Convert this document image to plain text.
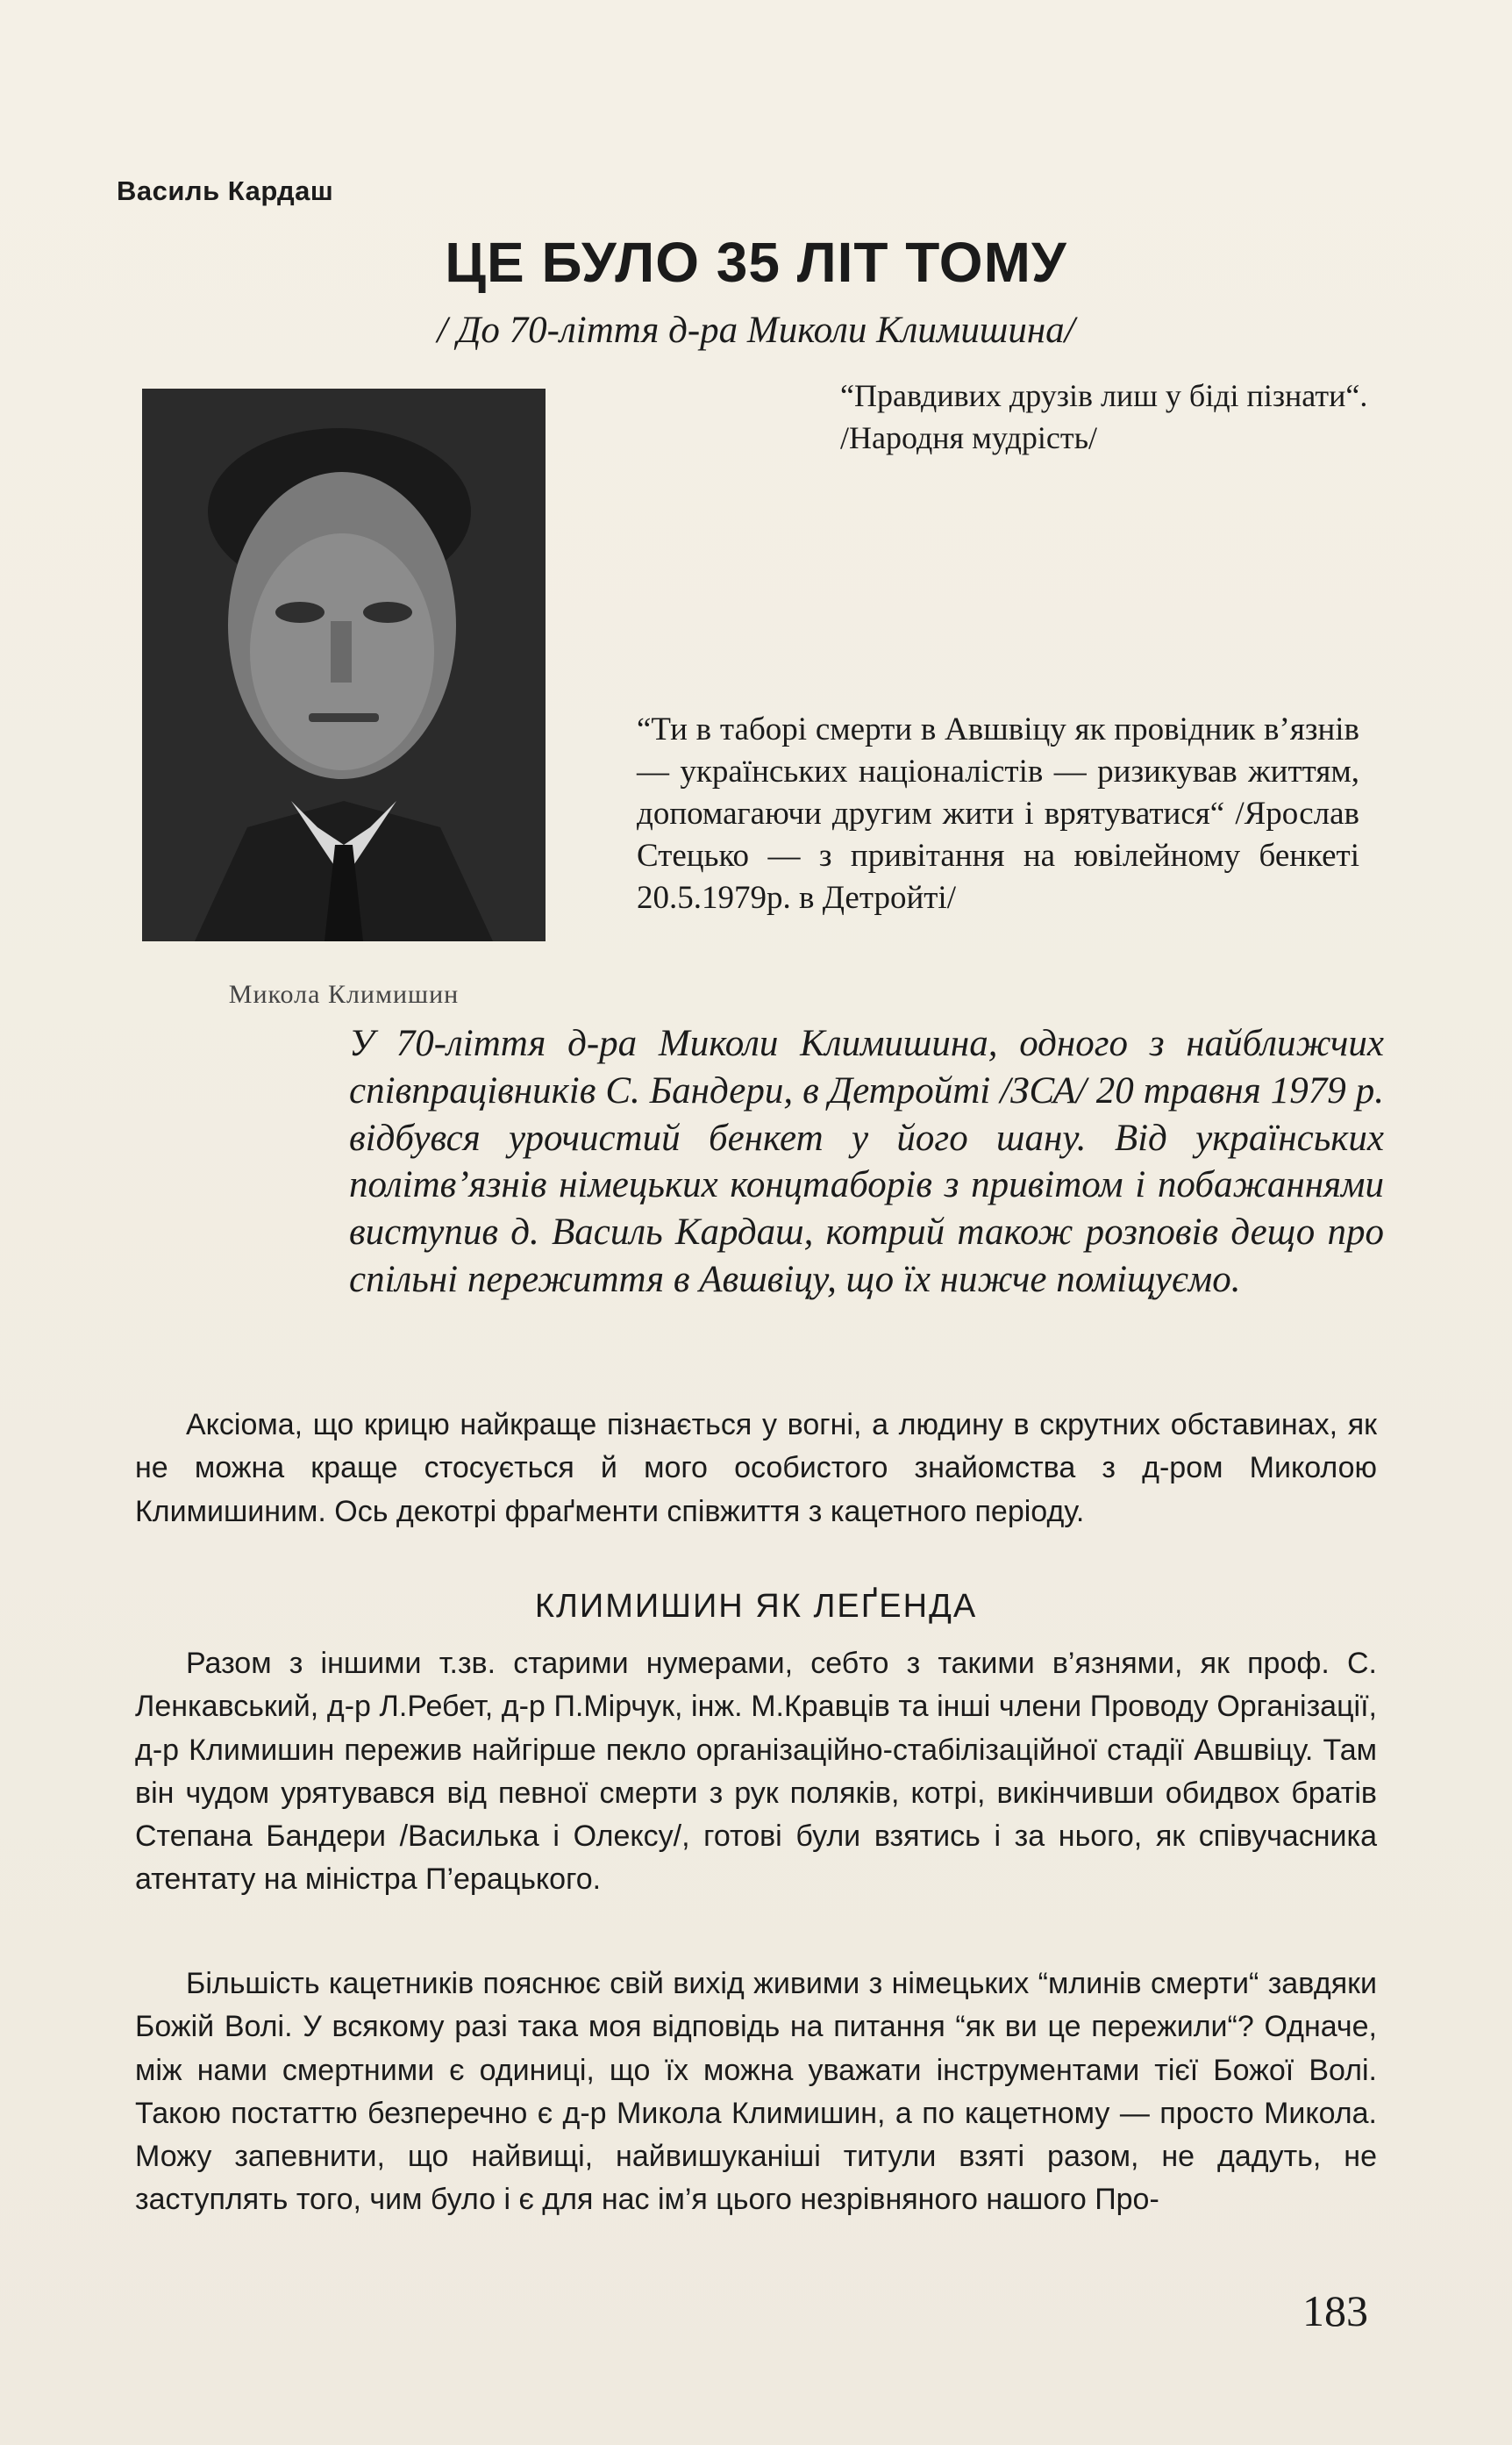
Василь Кардаш
ЦЕ БУЛО 35 ЛІТ ТОМУ
/ До 70-ліття д-ра Миколи Климишина/
“Правдивих друзів лиш у біді пізнати“. /Народня мудрість/
Микола Климишин
“Ти в таборі смерти в Авшвіцу як провідник в’язнів — українських націоналістів — ризикував життям, допомагаючи другим жити і врятуватися“ /Ярослав Стецько — з привітання на ювілейному бенкеті 20.5.1979р. в Детройті/
У 70-ліття д-ра Миколи Климишина, одного з найближчих співпрацівників С. Бандери, в Детройті /ЗСА/ 20 травня 1979 р. відбувся урочистий бенкет у його шану. Від українських політв’язнів німецьких концтаборів з привітом і побажаннями виступив д. Василь Кардаш, котрий також розповів дещо про спільні пережиття в Авшвіцу, що їх нижче поміщуємо.
Аксіома, що крицю найкраще пізнається у вогні, а людину в скрутних обставинах, як не можна краще стосується й мого особистого знайомства з д-ром Миколою Климишиним. Ось декотрі фраґменти співжиття з кацетного періоду.
КЛИМИШИН ЯК ЛЕҐЕНДА
Разом з іншими т.зв. старими нумерами, себто з такими в’язнями, як проф. С. Ленкавський, д-р Л.Ребет, д-р П.Мірчук, інж. М.Кравців та інші члени Проводу Організації, д-р Климишин пережив найгірше пекло організаційно-стабілізаційної стадії Авшвіцу. Там він чудом урятувався від певної смерти з рук поляків, котрі, викінчивши обидвох братів Степана Бандери /Василька і Олексу/, готові були взятись і за нього, як співучасника атентату на міністра П’ерацького.
Більшість кацетників пояснює свій вихід живими з німецьких “млинів смерти“ завдяки Божій Волі. У всякому разі така моя відповідь на питання “як ви це пережили“? Одначе, між нами смертними є одиниці, що їх можна уважати інструментами тієї Божої Волі. Такою постаттю безперечно є д-р Микола Климишин, а по кацетному — просто Микола. Можу запевнити, що найвищі, найвишуканіші титули взяті разом, не дадуть, не заступлять того, чим було і є для нас ім’я цього незрівняного нашого Про-
183
